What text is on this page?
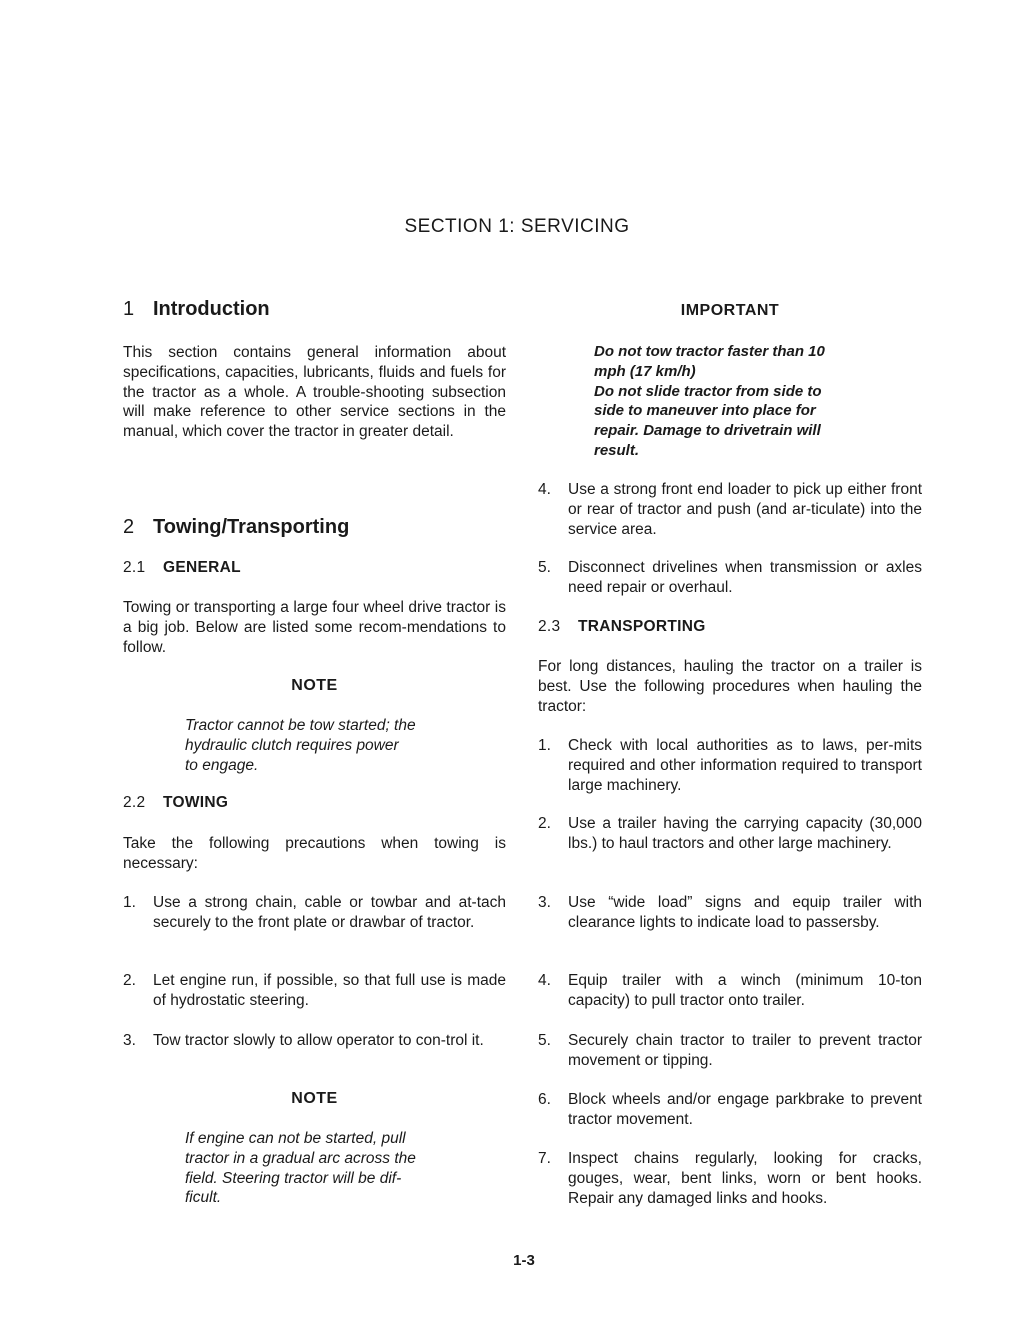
SECTION 1: SERVICING
1 Introduction
This section contains general information about specifications, capacities, lubricants, fluids and fuels for the tractor as a whole. A trouble-shooting subsection will make reference to other service sections in the manual, which cover the tractor in greater detail.
2 Towing/Transporting
2.1 GENERAL
Towing or transporting a large four wheel drive tractor is a big job. Below are listed some recom-mendations to follow.
NOTE
Tractor cannot be tow started; the
hydraulic clutch requires power
to engage.
2.2 TOWING
Take the following precautions when towing is necessary:
1. Use a strong chain, cable or towbar and at-tach securely to the front plate or drawbar of tractor.
2. Let engine run, if possible, so that full use is made of hydrostatic steering.
3. Tow tractor slowly to allow operator to con-trol it.
NOTE
If engine can not be started, pull
tractor in a gradual arc across the
field. Steering tractor will be dif-
ficult.
IMPORTANT
Do not tow tractor faster than 10
mph (17 km/h)
Do not slide tractor from side to
side to maneuver into place for
repair. Damage to drivetrain will
result.
4. Use a strong front end loader to pick up either front or rear of tractor and push (and ar-ticulate) into the service area.
5. Disconnect drivelines when transmission or axles need repair or overhaul.
2.3 TRANSPORTING
For long distances, hauling the tractor on a trailer is best. Use the following procedures when hauling the tractor:
1. Check with local authorities as to laws, per-mits required and other information required to transport large machinery.
2. Use a trailer having the carrying capacity (30,000 lbs.) to haul tractors and other large machinery.
3. Use “wide load” signs and equip trailer with clearance lights to indicate load to passersby.
4. Equip trailer with a winch (minimum 10-ton capacity) to pull tractor onto trailer.
5. Securely chain tractor to trailer to prevent tractor movement or tipping.
6. Block wheels and/or engage parkbrake to prevent tractor movement.
7. Inspect chains regularly, looking for cracks, gouges, wear, bent links, worn or bent hooks. Repair any damaged links and hooks.
1-3
